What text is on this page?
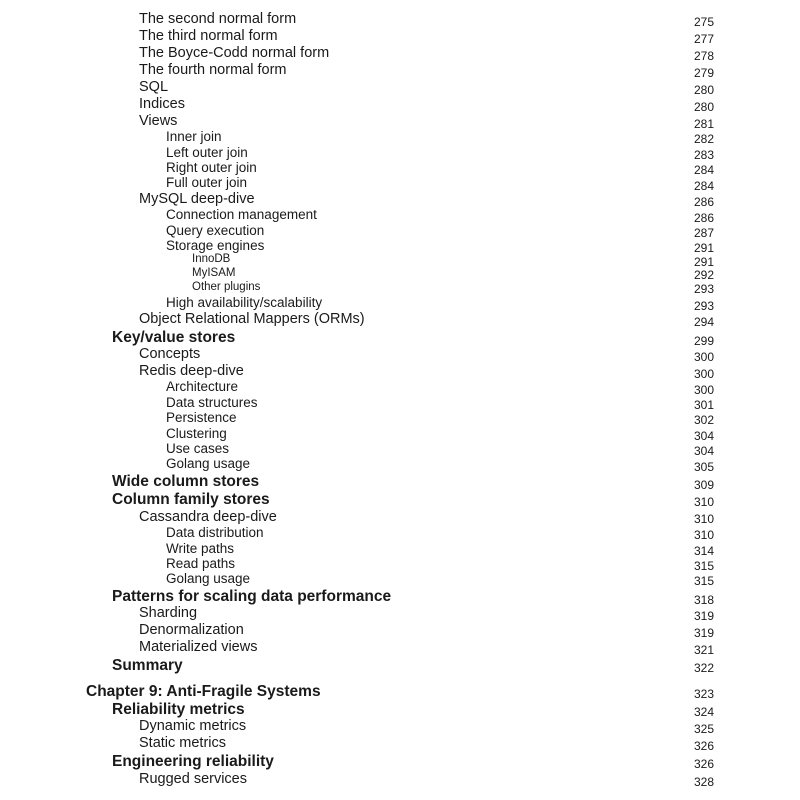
The second normal form	275
The third normal form	277
The Boyce-Codd normal form	278
The fourth normal form	279
SQL	280
Indices	280
Views	281
Inner join	282
Left outer join	283
Right outer join	284
Full outer join	284
MySQL deep-dive	286
Connection management	286
Query execution	287
Storage engines	291
InnoDB	291
MyISAM	292
Other plugins	293
High availability/scalability	293
Object Relational Mappers (ORMs)	294
Key/value stores	299
Concepts	300
Redis deep-dive	300
Architecture	300
Data structures	301
Persistence	302
Clustering	304
Use cases	304
Golang usage	305
Wide column stores	309
Column family stores	310
Cassandra deep-dive	310
Data distribution	310
Write paths	314
Read paths	315
Golang usage	315
Patterns for scaling data performance	318
Sharding	319
Denormalization	319
Materialized views	321
Summary	322
Chapter 9: Anti-Fragile Systems	323
Reliability metrics	324
Dynamic metrics	325
Static metrics	326
Engineering reliability	326
Rugged services	328
